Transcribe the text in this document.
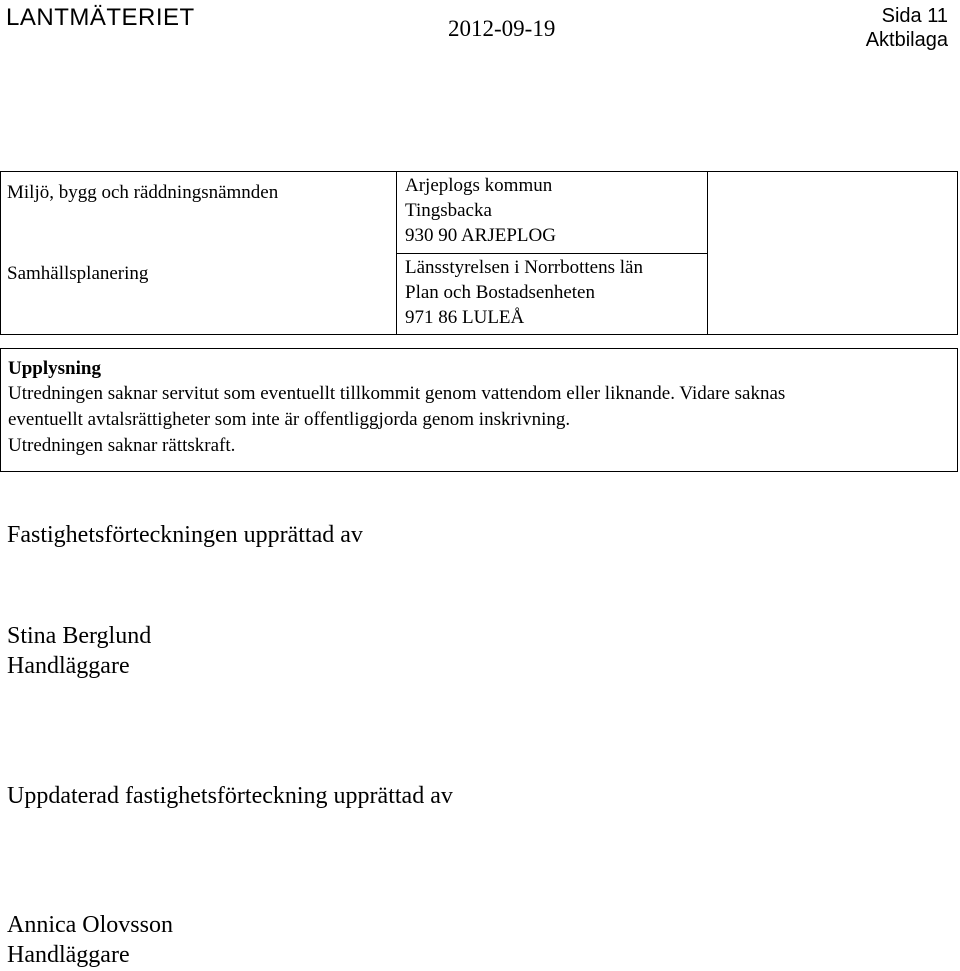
LANTMÄTERIET	2012-09-19	Sida 11
Aktbilaga
Miljö, bygg och räddningsnämnden	Arjeplogs kommun
Tingsbacka
930 90 ARJEPLOG
Samhällsplanering	Länsstyrelsen i Norrbottens län
Plan och Bostadsenheten
971 86 LULEÅ
Upplysning
Utredningen saknar servitut som eventuellt tillkommit genom vattendom eller liknande. Vidare saknas
eventuellt avtalsrättigheter som inte är offentliggjorda genom inskrivning.
Utredningen saknar rättskraft.
Fastighetsförteckningen upprättad av
Stina Berglund
Handläggare
Uppdaterad fastighetsförteckning upprättad av
Annica Olovsson
Handläggare
